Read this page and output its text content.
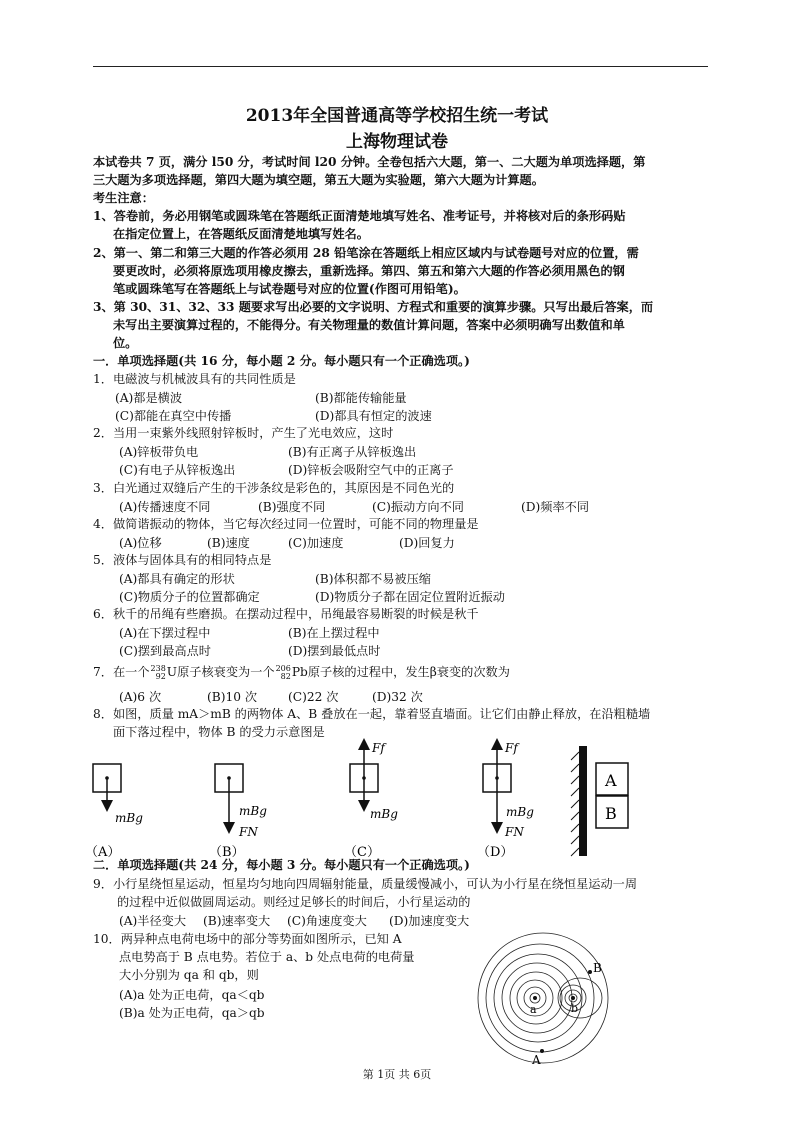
2013年全国普通高等学校招生统一考试
上海物理试卷
本试卷共 7 页，满分 l50 分，考试时间 l20 分钟。全卷包括六大题，第一、二大题为单项选择题，第
三大题为多项选择题，第四大题为填空题，第五大题为实验题，第六大题为计算题。
考生注意：
1、答卷前，务必用钢笔或圆珠笔在答题纸正面清楚地填写姓名、准考证号，并将核对后的条形码贴
在指定位置上，在答题纸反面清楚地填写姓名。
2、第一、第二和第三大题的作答必须用 28 铅笔涂在答题纸上相应区域内与试卷题号对应的位置，需
要更改时，必须将原选项用橡皮擦去，重新选择。第四、第五和第六大题的作答必须用黑色的钢
笔或圆珠笔写在答题纸上与试卷题号对应的位置(作图可用铅笔)。
3、第 30、31、32、33 题要求写出必要的文字说明、方程式和重要的演算步骤。只写出最后答案，而
未写出主要演算过程的，不能得分。有关物理量的数值计算问题，答案中必须明确写出数值和单
位。
一．单项选择题(共 16 分，每小题 2 分。每小题只有一个正确选项。)
1．电磁波与机械波具有的共同性质是
(A)都是横波	(B)都能传输能量
(C)都能在真空中传播	(D)都具有恒定的波速
2．当用一束紫外线照射锌板时，产生了光电效应，这时
(A)锌板带负电	(B)有正离子从锌板逸出
(C)有电子从锌板逸出	(D)锌板会吸附空气中的正离子
3．白光通过双缝后产生的干涉条纹是彩色的，其原因是不同色光的
(A)传播速度不同	(B)强度不同	(C)振动方向不同	(D)频率不同
4．做简谐振动的物体，当它每次经过同一位置时，可能不同的物理量是
(A)位移	(B)速度	(C)加速度	(D)回复力
5．液体与固体具有的相同特点是
(A)都具有确定的形状	(B)体积都不易被压缩
(C)物质分子的位置都确定	(D)物质分子都在固定位置附近振动
6．秋千的吊绳有些磨损。在摆动过程中，吊绳最容易断裂的时候是秋千
(A)在下摆过程中	(B)在上摆过程中
(C)摆到最高点时	(D)摆到最低点时
7．在一个238
92U原子核衰变为一个206
82Pb原子核的过程中，发生β衰变的次数为
(A)6 次	(B)10 次	(C)22 次	(D)32 次
8．如图，质量 mA＞mB 的两物体 A、B 叠放在一起，靠着竖直墙面。让它们由静止释放，在沿粗糙墙
面下落过程中，物体 B 的受力示意图是
mBg
（A）
mBg
FN
（B）
Ff
mBg
（C）
Ff
mBg
FN
（D）
A
B
二．单项选择题(共 24 分，每小题 3 分。每小题只有一个正确选项。)
9．小行星绕恒星运动，恒星均匀地向四周辐射能量，质量缓慢减小，可认为小行星在绕恒星运动一周
的过程中近似做圆周运动。则经过足够长的时间后，小行星运动的
(A)半径变大 (B)速率变大 (C)角速度变大 (D)加速度变大
10．两异种点电荷电场中的部分等势面如图所示，已知 A
点电势高于 B 点电势。若位于 a、b 处点电荷的电荷量
大小分别为 qa 和 qb，则
(A)a 处为正电荷，qa＜qb
(B)a 处为正电荷，qa＞qb	a	b
B
A
第 1页 共 6页
